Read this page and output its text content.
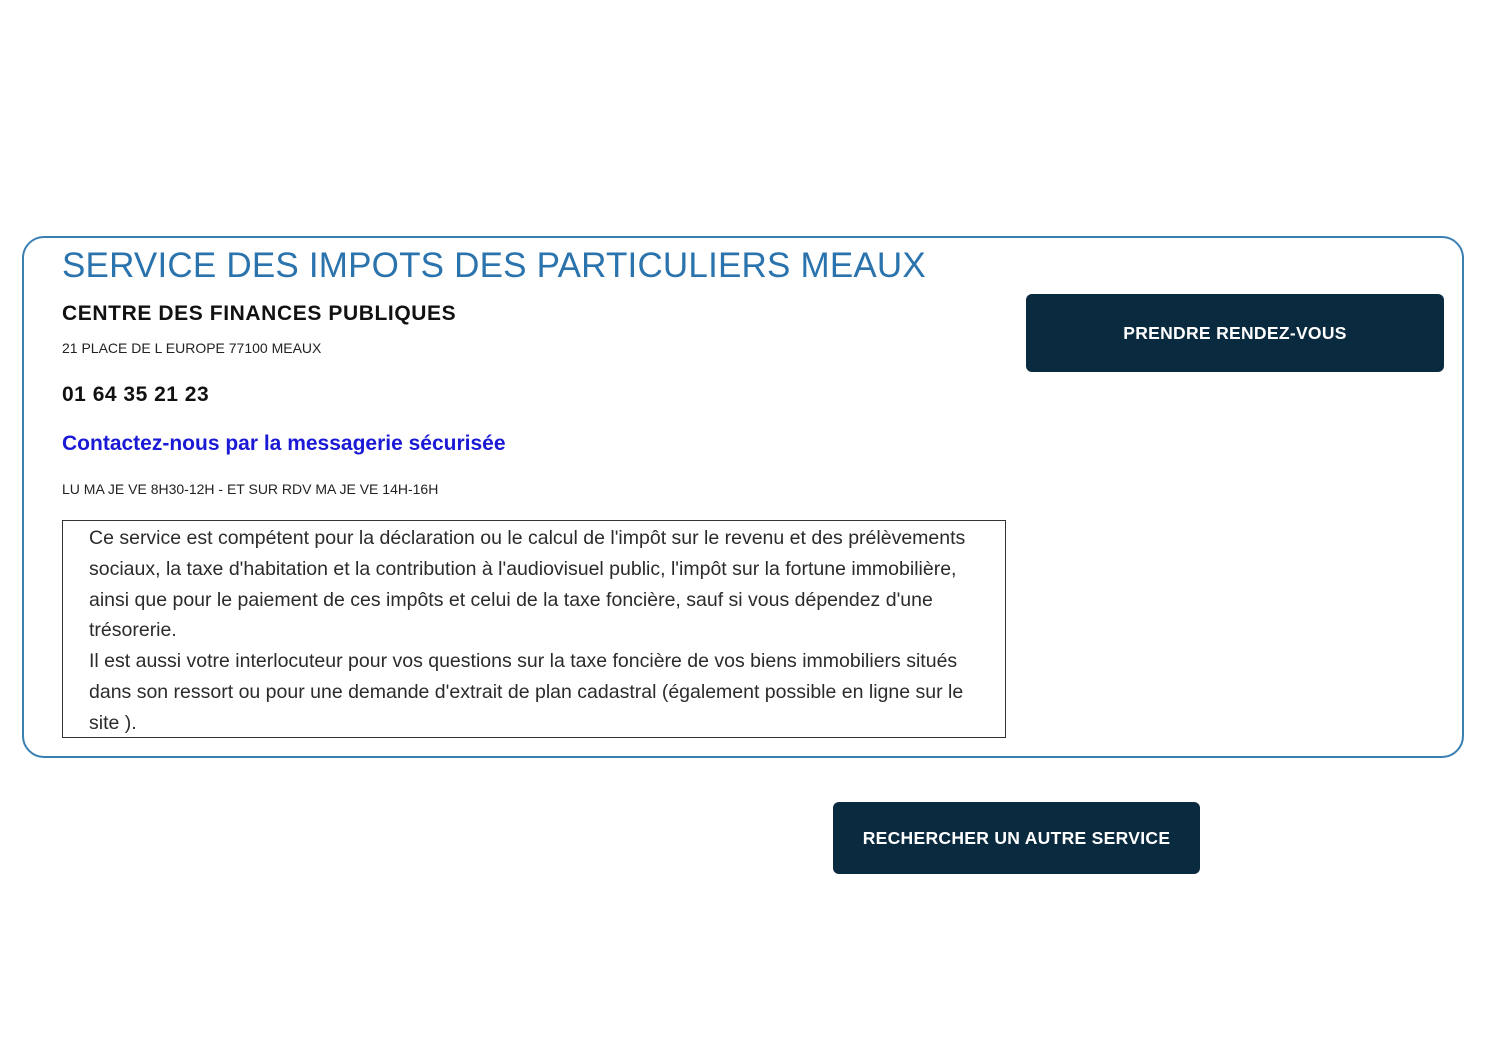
SERVICE DES IMPOTS DES PARTICULIERS MEAUX
CENTRE DES FINANCES PUBLIQUES
21 PLACE DE L EUROPE 77100 MEAUX
01 64 35 21 23
Contactez-nous par la messagerie sécurisée
LU MA JE VE 8H30-12H - ET SUR RDV MA JE VE 14H-16H

Ce service est compétent pour la déclaration ou le calcul de l'impôt sur le revenu et des prélèvements sociaux, la taxe d'habitation et la contribution à l'audiovisuel public, l'impôt sur la fortune immobilière, ainsi que pour le paiement de ces impôts et celui de la taxe foncière, sauf si vous dépendez d'une trésorerie.

Il est aussi votre interlocuteur pour vos questions sur la taxe foncière de vos biens immobiliers situés dans son ressort ou pour une demande d'extrait de plan cadastral (également possible en ligne sur le site ).

PRENDRE RENDEZ-VOUS
RECHERCHER UN AUTRE SERVICE
